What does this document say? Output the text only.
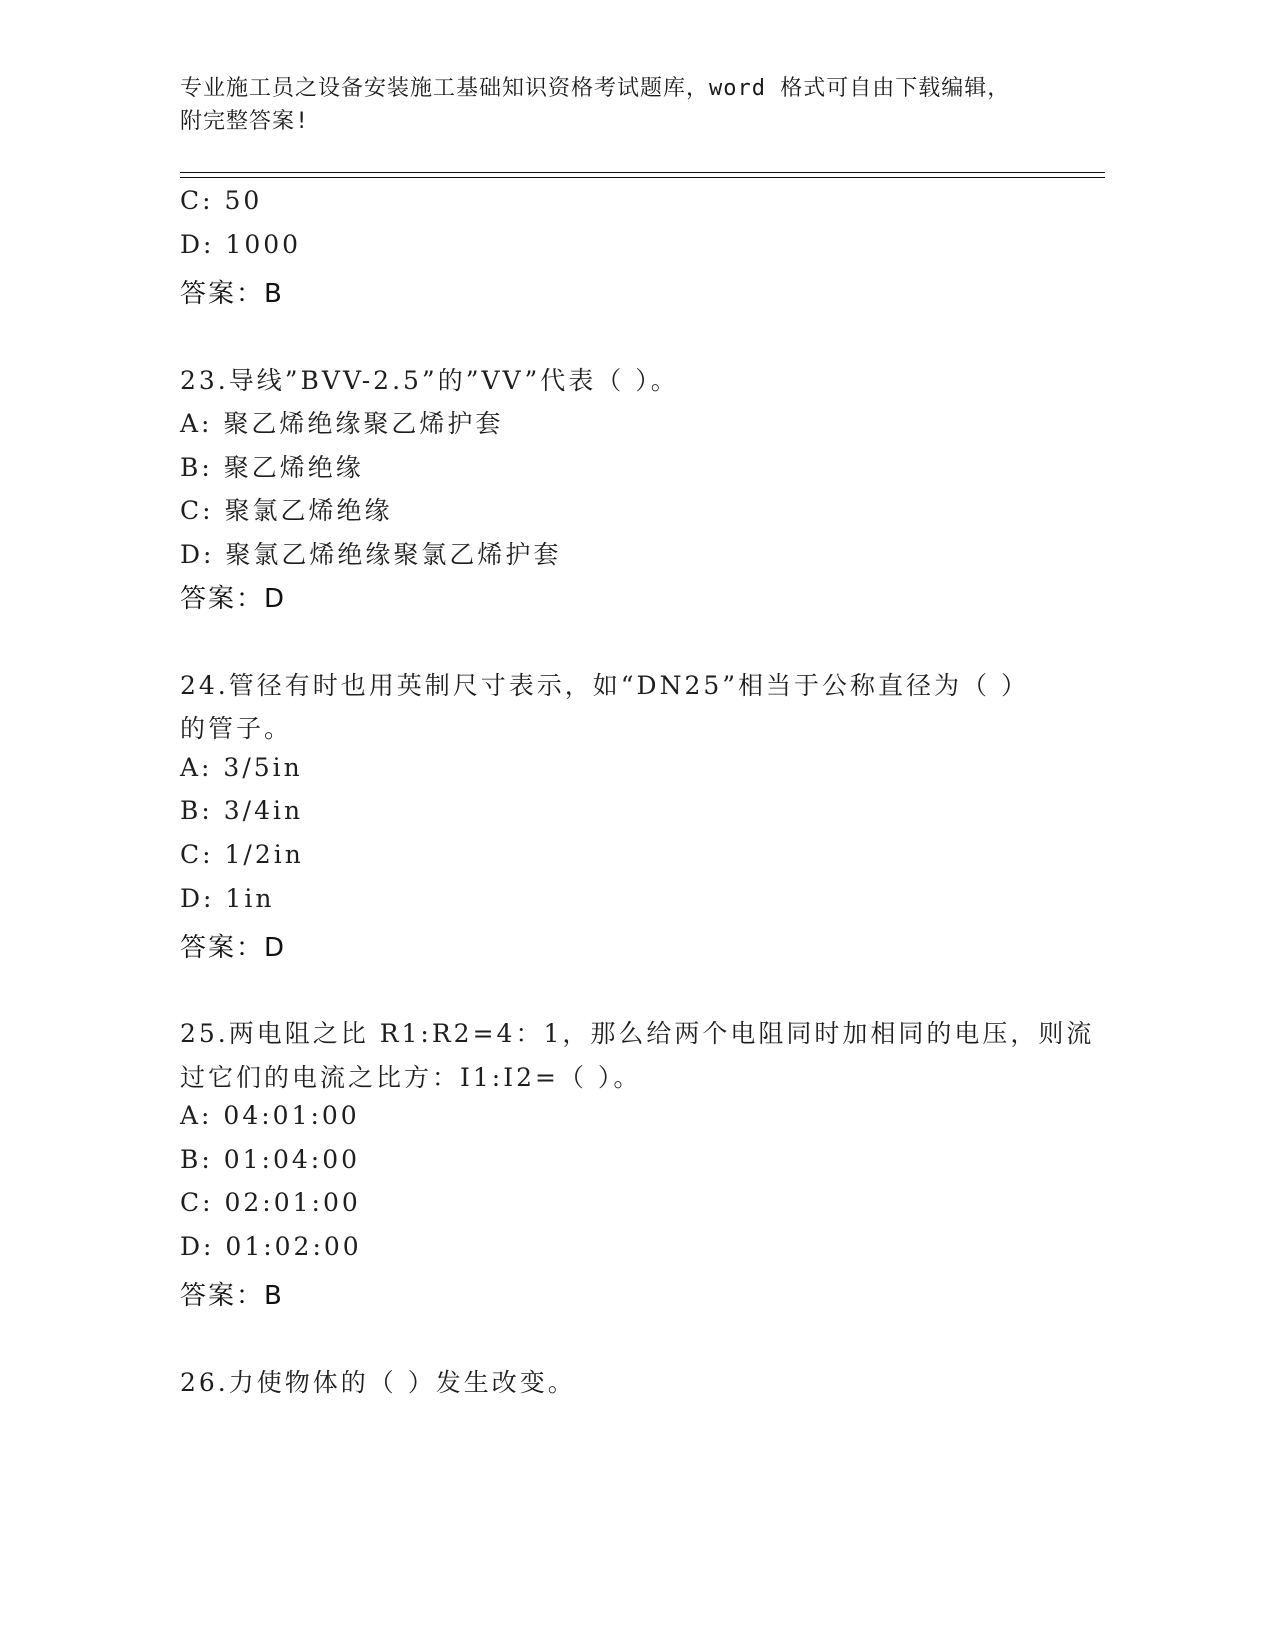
专业施工员之设备安装施工基础知识资格考试题库，word 格式可自由下载编辑，
附完整答案!
C: 50
D: 1000
答案：B
23.导线”BVV-2.5”的”VV”代表（ ）。
A: 聚乙烯绝缘聚乙烯护套
B: 聚乙烯绝缘
C: 聚氯乙烯绝缘
D: 聚氯乙烯绝缘聚氯乙烯护套
答案：D
24.管径有时也用英制尺寸表示，如“DN25”相当于公称直径为（ ）
的管子。
A: 3/5in
B: 3/4in
C: 1/2in
D: 1in
答案：D
25.两电阻之比 R1:R2=4：1，那么给两个电阻同时加相同的电压，则流
过它们的电流之比方：I1:I2=（ ）。
A: 04:01:00
B: 01:04:00
C: 02:01:00
D: 01:02:00
答案：B
26.力使物体的（ ）发生改变。
